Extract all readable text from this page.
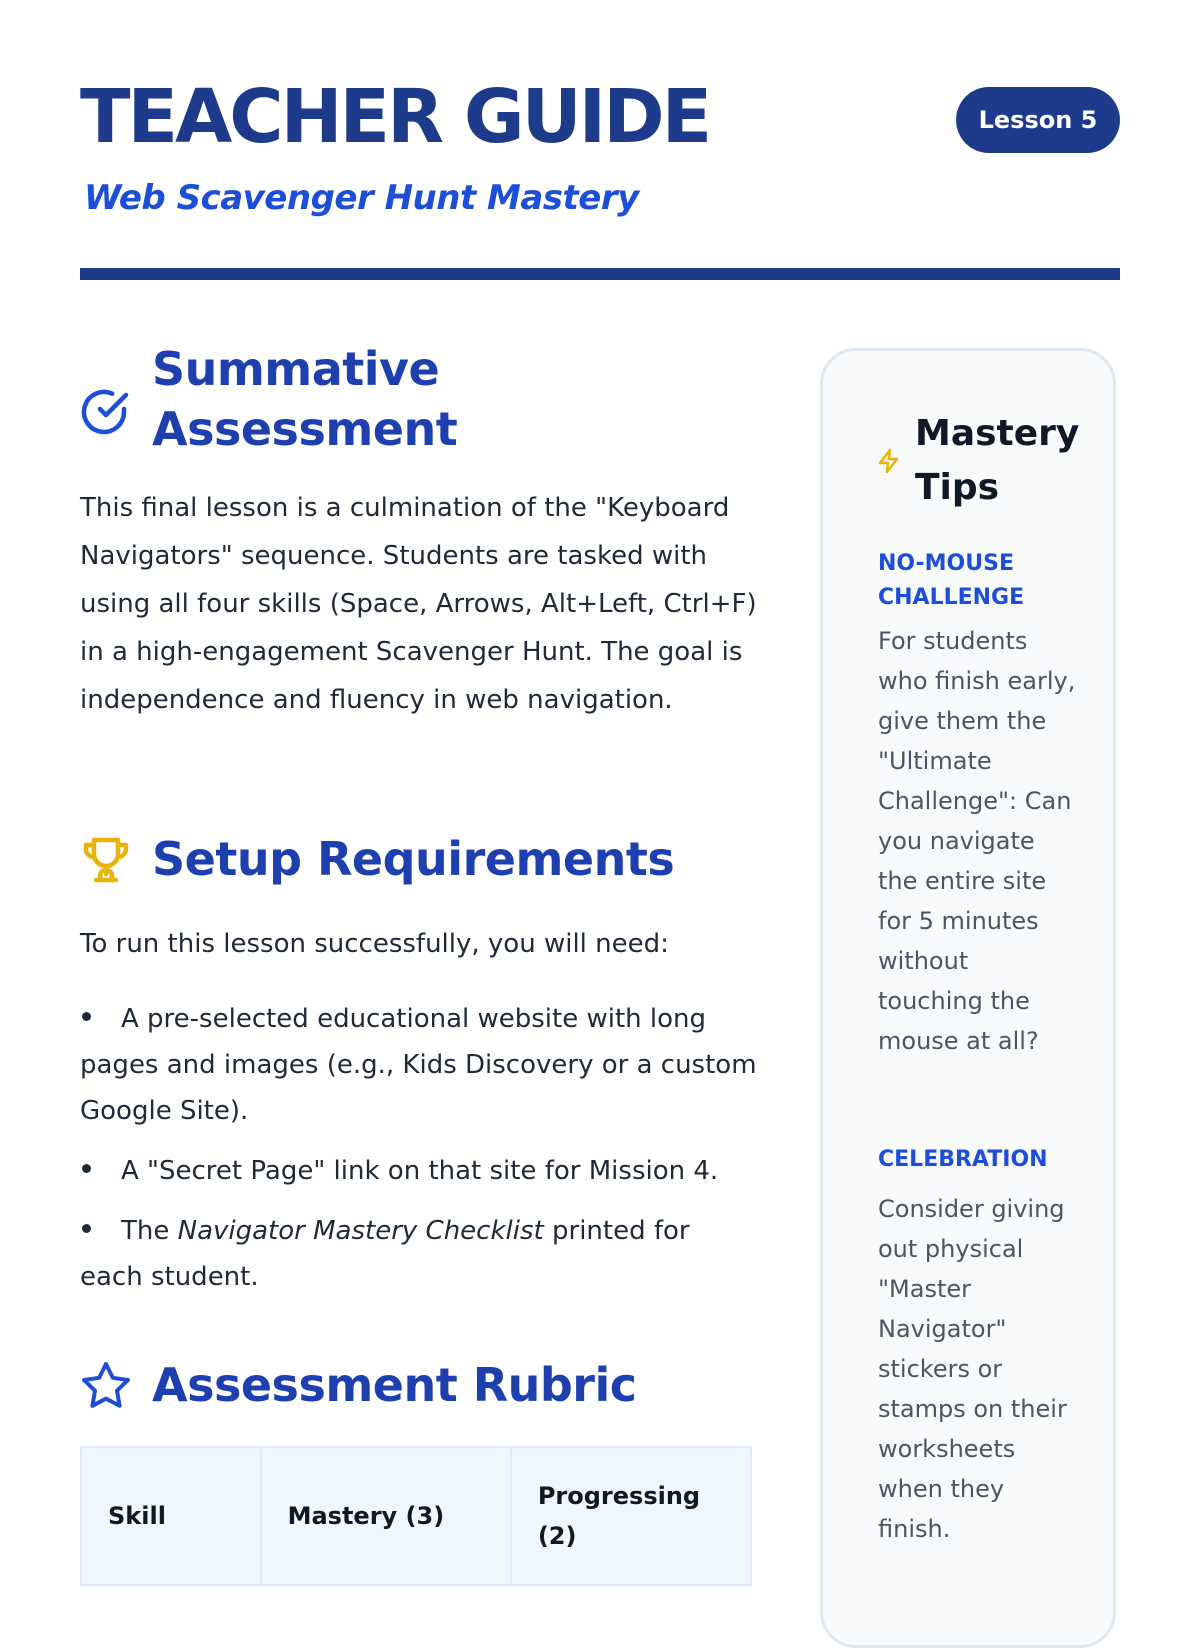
TEACHER GUIDE
Web Scavenger Hunt Mastery
Lesson 5
Summative Assessment

This final lesson is a culmination of the "Keyboard Navigators" sequence. Students are tasked with using all four skills (Space, Arrows, Alt+Left, Ctrl+F) in a high-engagement Scavenger Hunt. The goal is independence and fluency in web navigation.

Setup Requirements

To run this lesson successfully, you will need:

A pre-selected educational website with long pages and images (e.g., Kids Discovery or a custom Google Site).
A "Secret Page" link on that site for Mission 4.
The Navigator Mastery Checklist printed for each student.
Assessment Rubric
Skill	Mastery (3)	Progressing (2)
Mastery Tips
NO-MOUSE CHALLENGE
For students who finish early, give them the "Ultimate Challenge": Can you navigate the entire site for 5 minutes without touching the mouse at all?
CELEBRATION
Consider giving out physical "Master Navigator" stickers or stamps on their worksheets when they finish.
